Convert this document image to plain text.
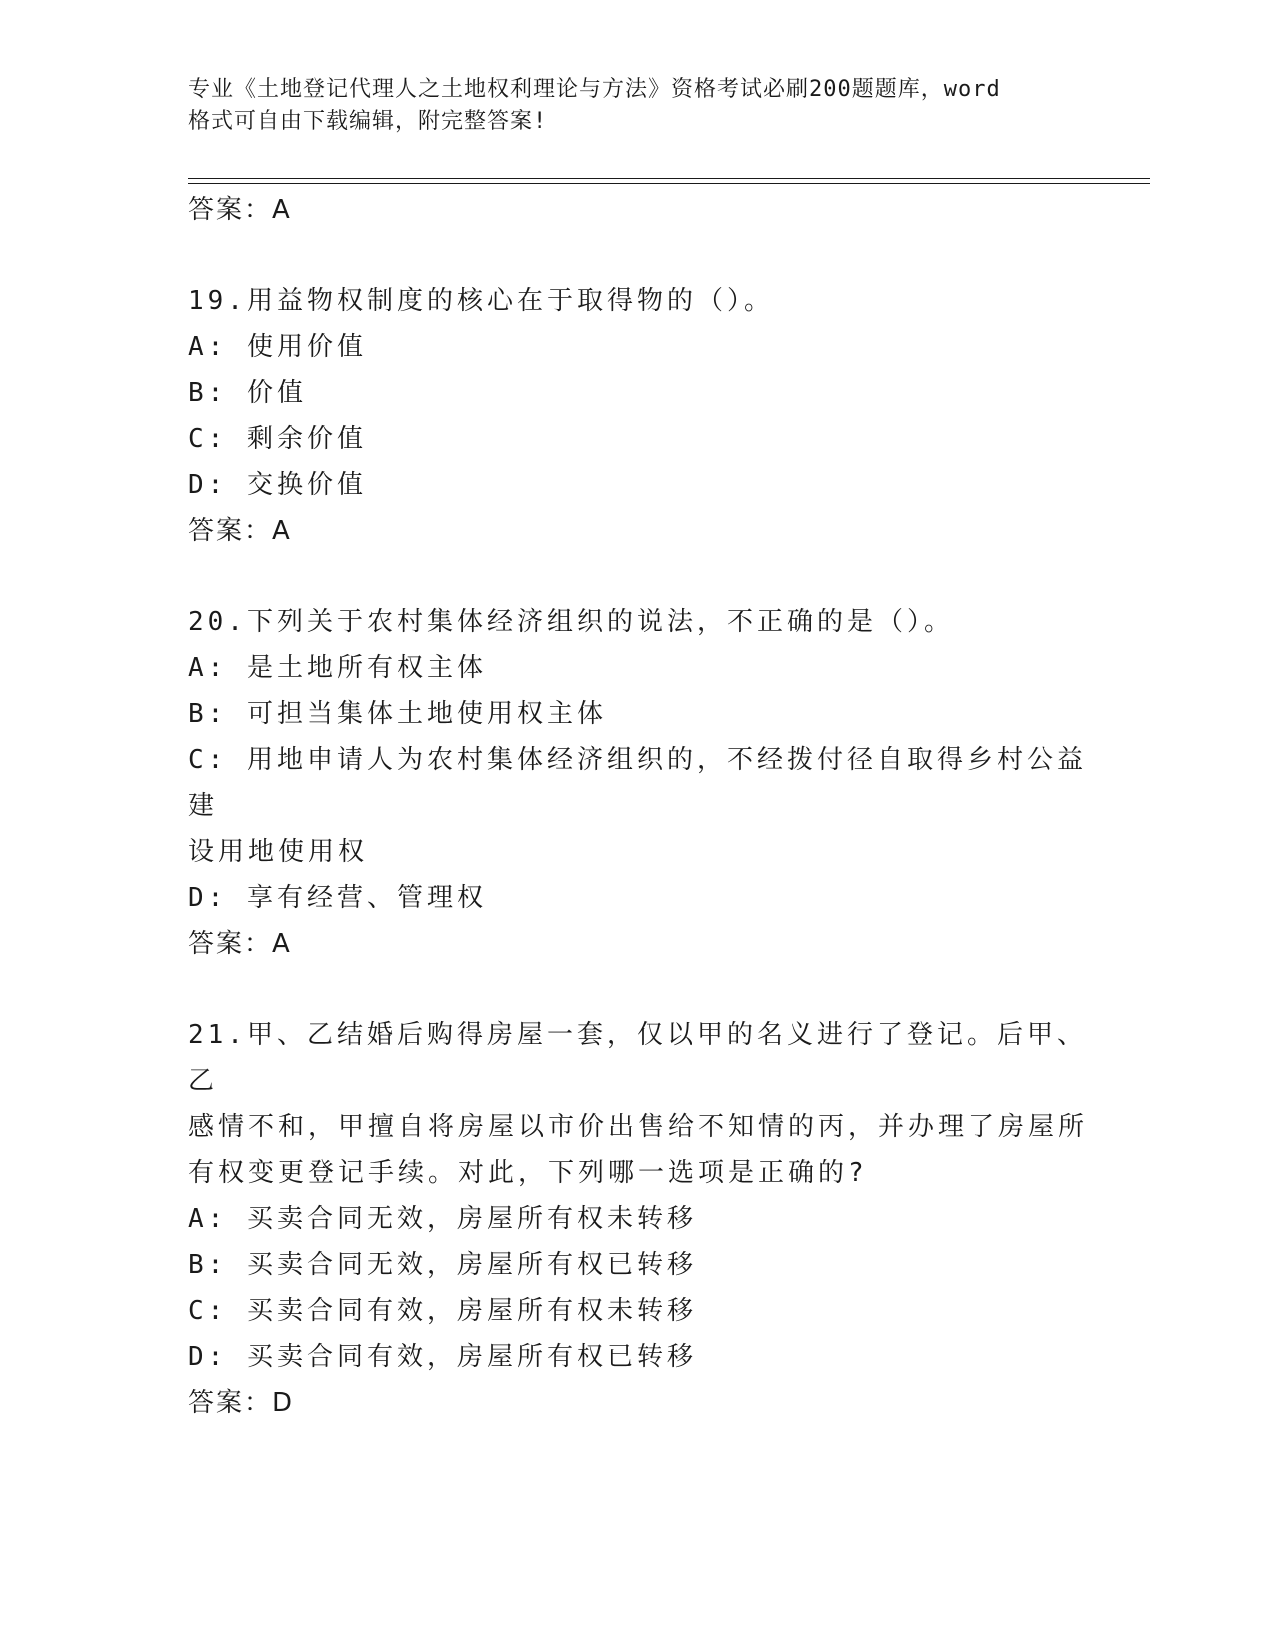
专业《土地登记代理人之土地权利理论与方法》资格考试必刷200题题库，word
格式可自由下载编辑，附完整答案!
答案：A
19.用益物权制度的核心在于取得物的（）。
A: 使用价值
B: 价值
C: 剩余价值
D: 交换价值
答案：A
20.下列关于农村集体经济组织的说法，不正确的是（）。
A: 是土地所有权主体
B: 可担当集体土地使用权主体
C: 用地申请人为农村集体经济组织的，不经拨付径自取得乡村公益建
设用地使用权
D: 享有经营、管理权
答案：A
21.甲、乙结婚后购得房屋一套，仅以甲的名义进行了登记。后甲、乙
感情不和，甲擅自将房屋以市价出售给不知情的丙，并办理了房屋所
有权变更登记手续。对此，下列哪一选项是正确的?
A: 买卖合同无效，房屋所有权未转移
B: 买卖合同无效，房屋所有权已转移
C: 买卖合同有效，房屋所有权未转移
D: 买卖合同有效，房屋所有权已转移
答案：D
